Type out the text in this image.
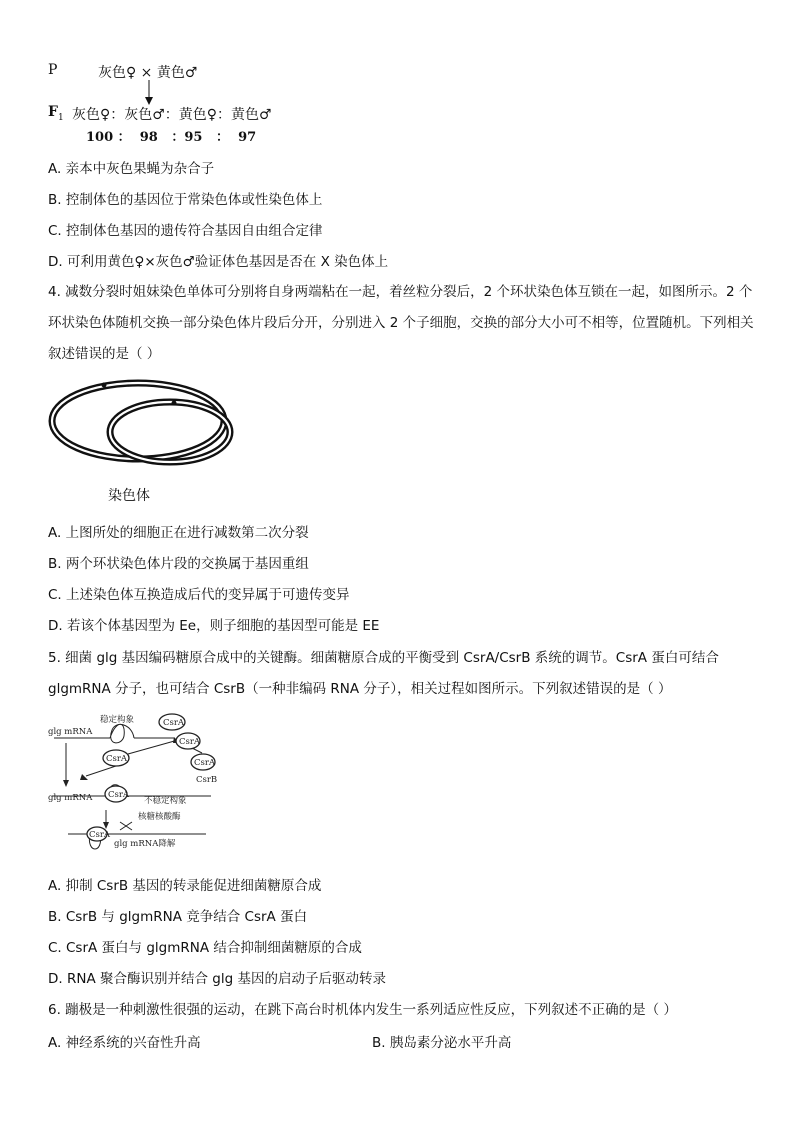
P	灰色♀ × 黄色♂
$F_1$ 灰色♀：灰色♂：黄色♀：黄色♂
100 ：  98   ：95   ：  97
A. 亲本中灰色果蝇为杂合子
B. 控制体色的基因位于常染色体或性染色体上
C. 控制体色基因的遗传符合基因自由组合定律
D. 可利用黄色♀×灰色♂验证体色基因是否在 X 染色体上
4. 减数分裂时姐妹染色单体可分别将自身两端粘在一起，着丝粒分裂后，2 个环状染色体互锁在一起，如图所示。2 个环状染色体随机交换一部分染色体片段后分开，分别进入 2 个子细胞，交换的部分大小可不相等，位置随机。下列相关叙述错误的是（ ）
染色体
A. 上图所处的细胞正在进行减数第二次分裂
B. 两个环状染色体片段的交换属于基因重组
C. 上述染色体互换造成后代的变异属于可遗传变异
D. 若该个体基因型为 Ee，则子细胞的基因型可能是 EE
5. 细菌 glg 基因编码糖原合成中的关键酶。细菌糖原合成的平衡受到 CsrA/CsrB 系统的调节。CsrA 蛋白可结合 glgmRNA 分子，也可结合 CsrB（一种非编码 RNA 分子），相关过程如图所示。下列叙述错误的是（ ）
稳定构象
glg mRNA
glg mRNA	不稳定构象
核糖核酸酶
glg mRNA降解
CsrA
CsrA
CsrA	CsrA
CsrA
CsrA
CsrB
A. 抑制 CsrB 基因的转录能促进细菌糖原合成
B. CsrB 与 glgmRNA 竞争结合 CsrA 蛋白
C. CsrA 蛋白与 glgmRNA 结合抑制细菌糖原的合成
D. RNA 聚合酶识别并结合 glg 基因的启动子后驱动转录
6. 蹦极是一种刺激性很强的运动，在跳下高台时机体内发生一系列适应性反应，下列叙述不正确的是（ ）
A. 神经系统的兴奋性升高	B. 胰岛素分泌水平升高
